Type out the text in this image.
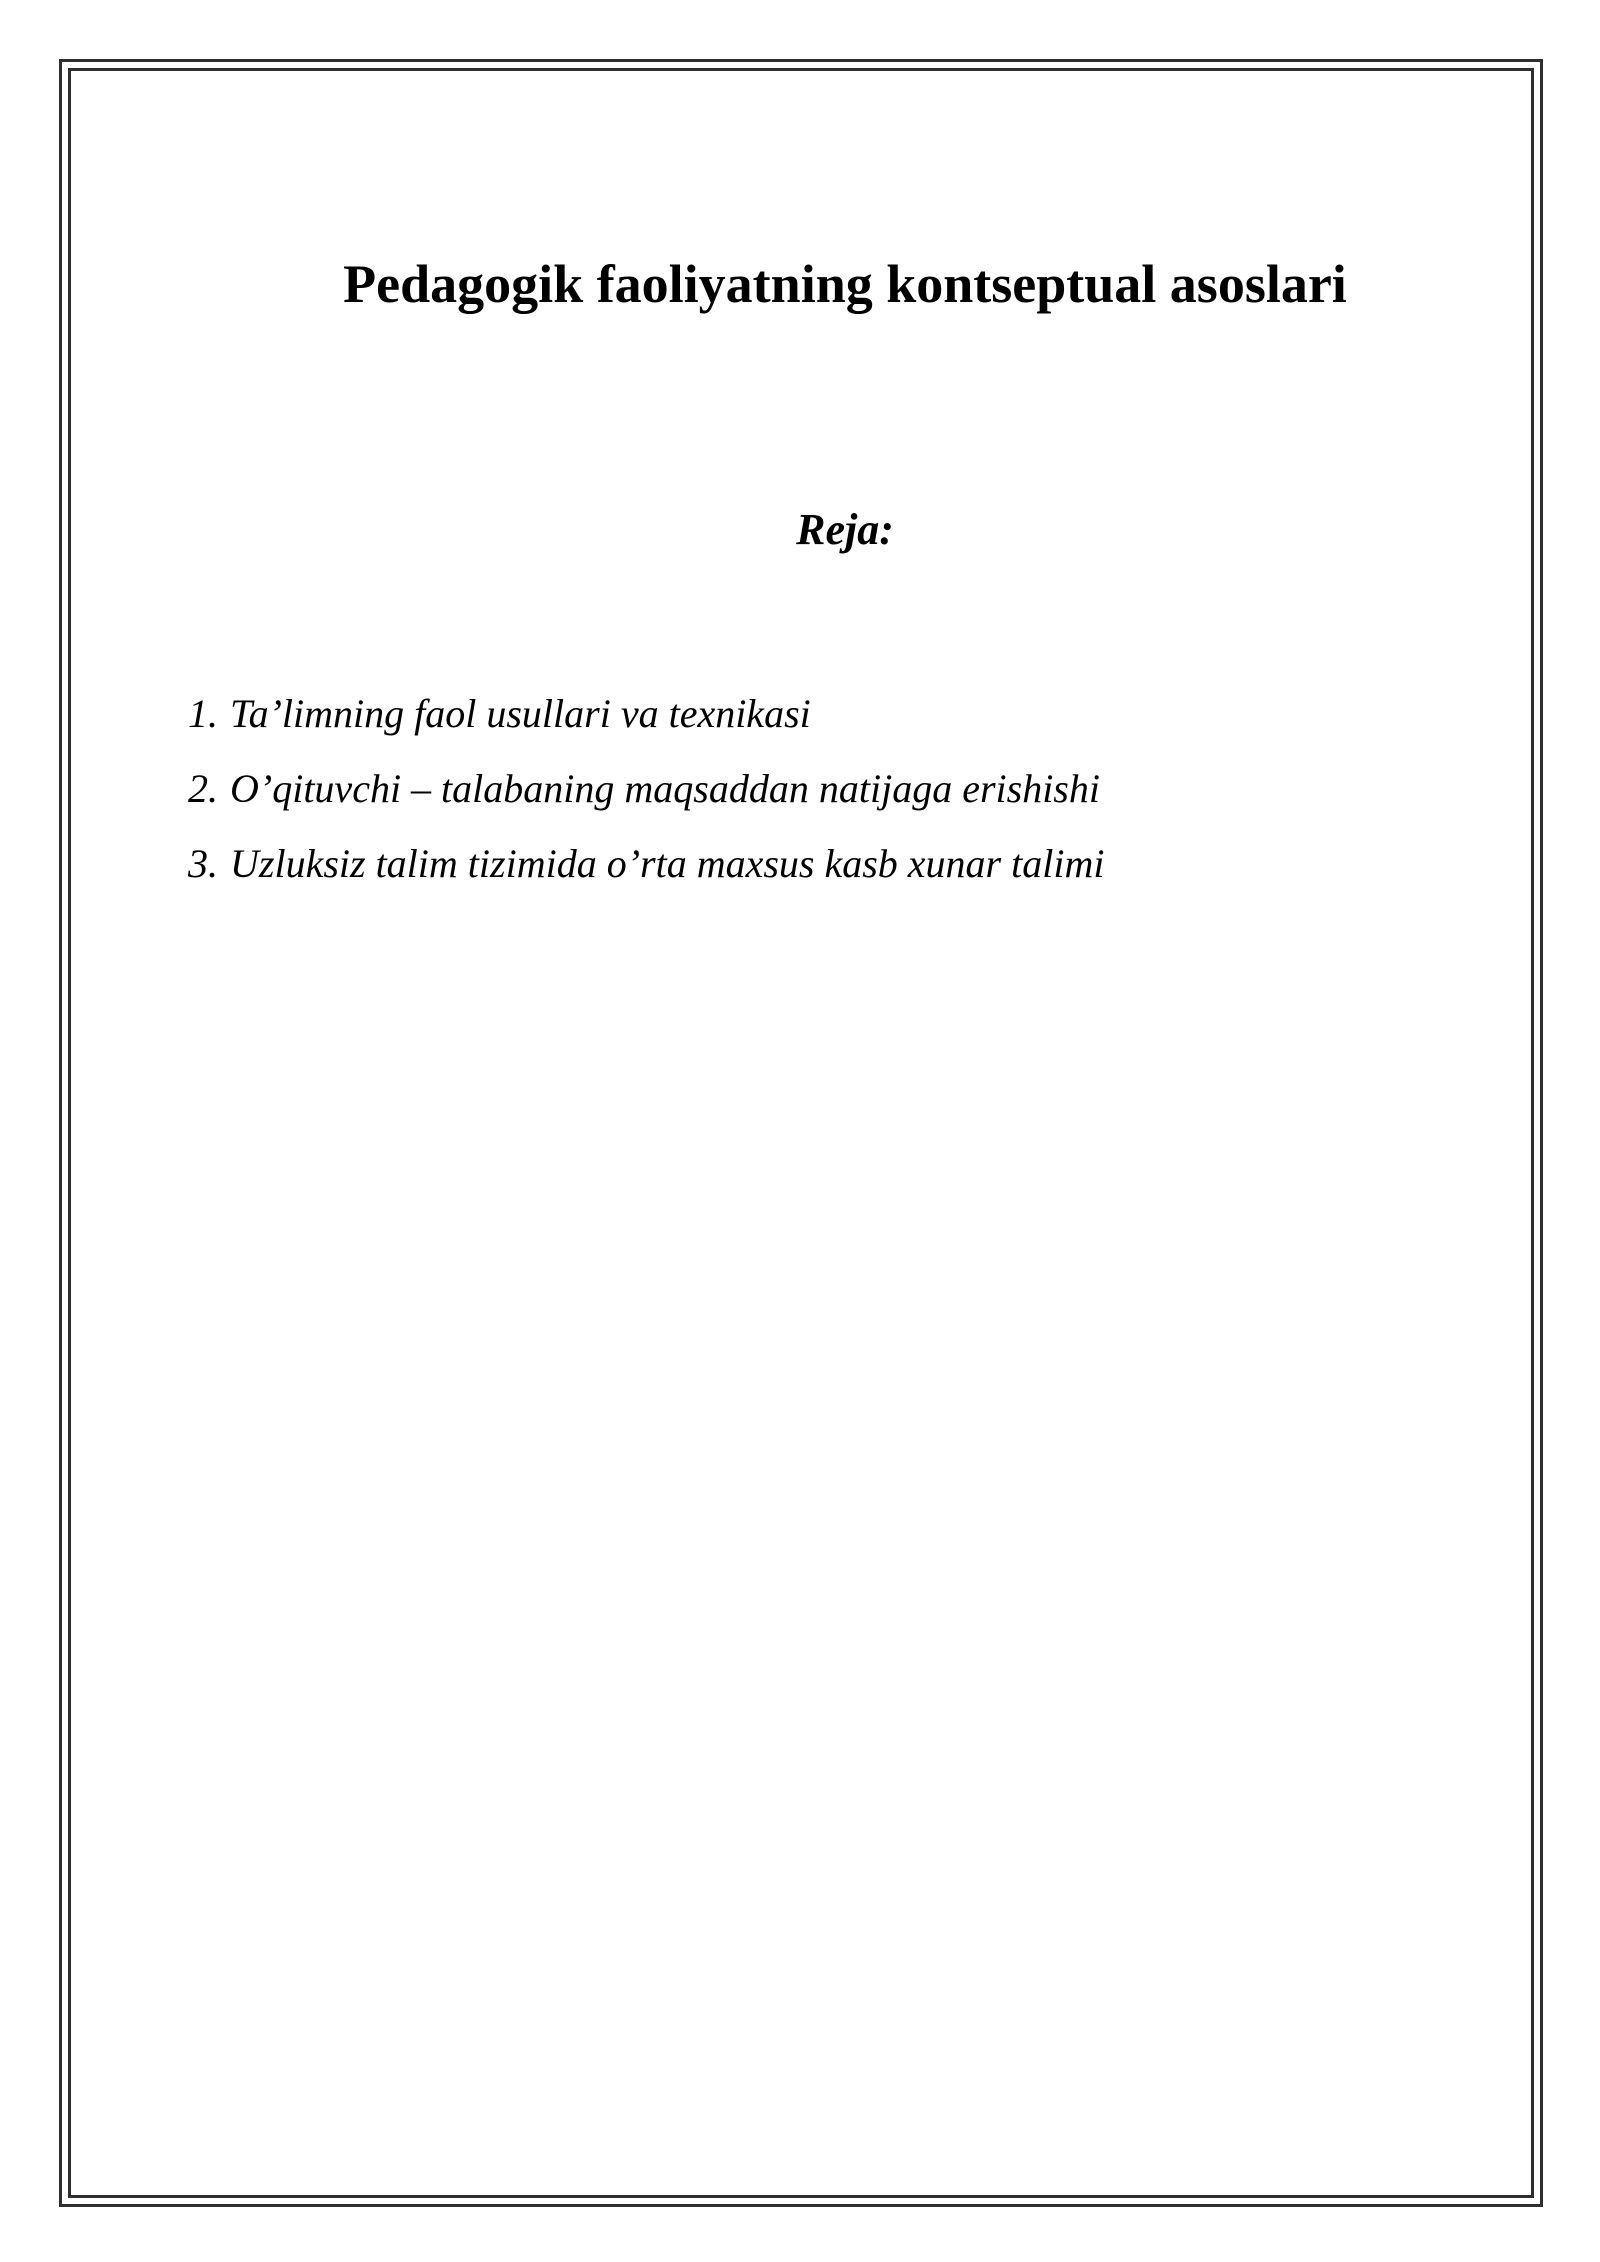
Pedagogik faoliyatning kontseptual asoslari
Reja:
1. Ta’limning faol usullari va texnikasi
2. O’qituvchi – talabaning maqsaddan natijaga erishishi
3. Uzluksiz talim tizimida o’rta maxsus kasb xunar talimi
